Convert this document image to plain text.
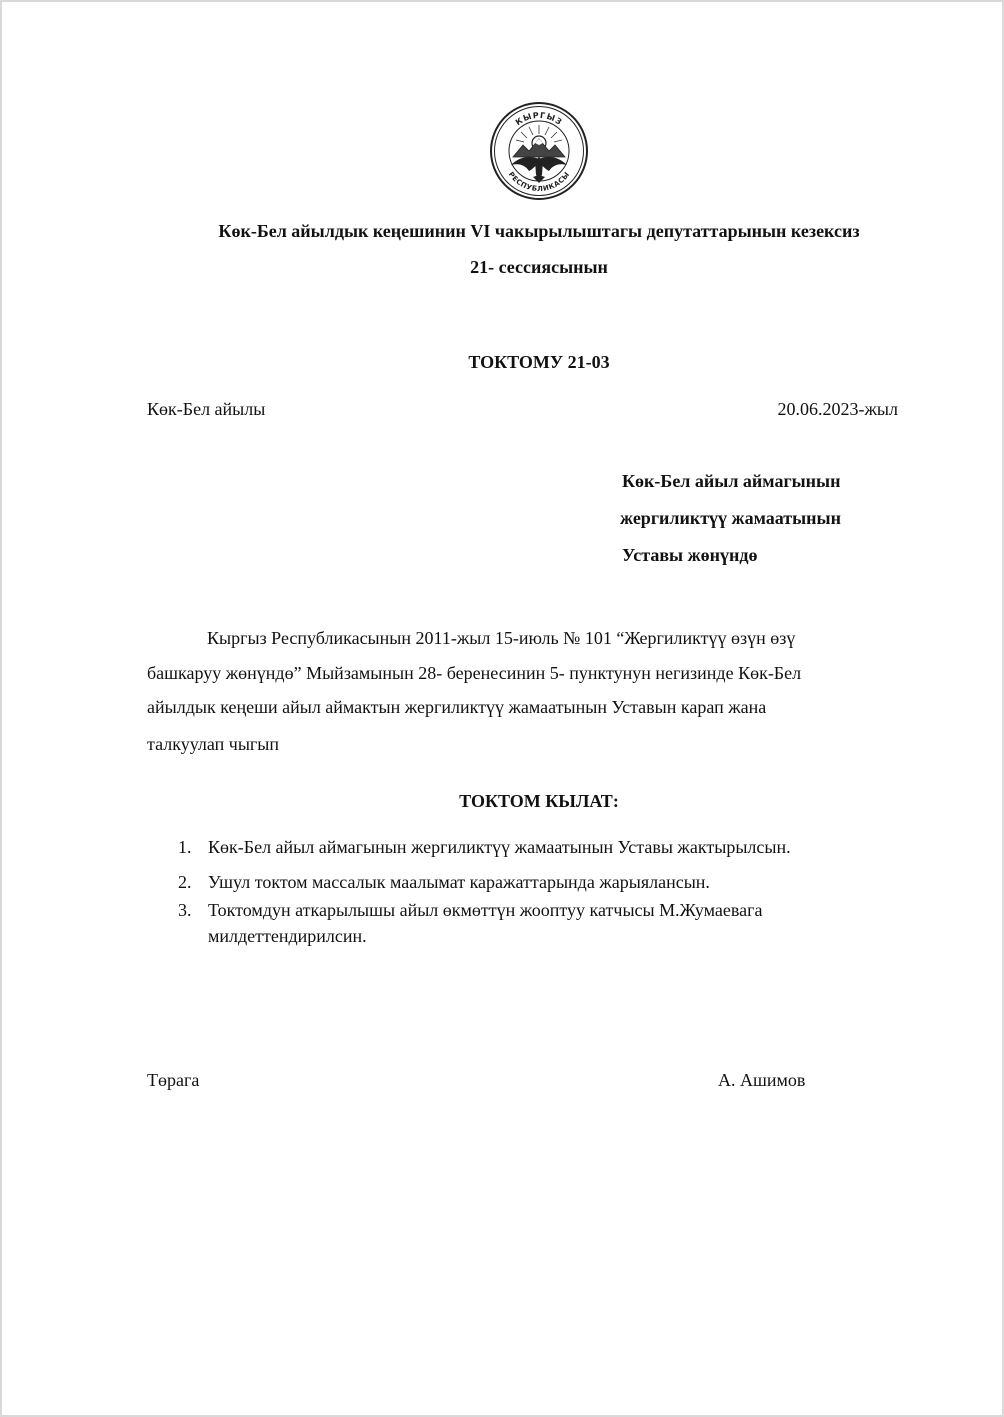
КЫРГЫЗ
РЕСПУБЛИКАСЫ
Көк-Бел айылдык кеңешинин VI чакырылыштагы депутаттарынын кезексиз
21- сессиясынын
ТОКТОМУ 21-03
Көк-Бел айылы	20.06.2023-жыл
Көк-Бел айыл аймагынын
жергиликтүү жамаатынын
Уставы жөнүндө
Кыргыз Республикасынын 2011-жыл 15-июль № 101 “Жергиликтүү өзүн өзү
башкаруу жөнүндө” Мыйзамынын 28- беренесинин 5- пунктунун негизинде Көк-Бел
айылдык кеңеши айыл аймактын жергиликтүү жамаатынын Уставын карап жана
талкуулап чыгып
ТОКТОМ КЫЛАТ:
1. Көк-Бел айыл аймагынын жергиликтүү жамаатынын Уставы жактырылсын.
2. Ушул токтом массалык маалымат каражаттарында жарыялансын.
3. Токтомдун аткарылышы айыл өкмөттүн жооптуу катчысы М.Жумаевага милдеттендирилсин.
Төрага	А. Ашимов
